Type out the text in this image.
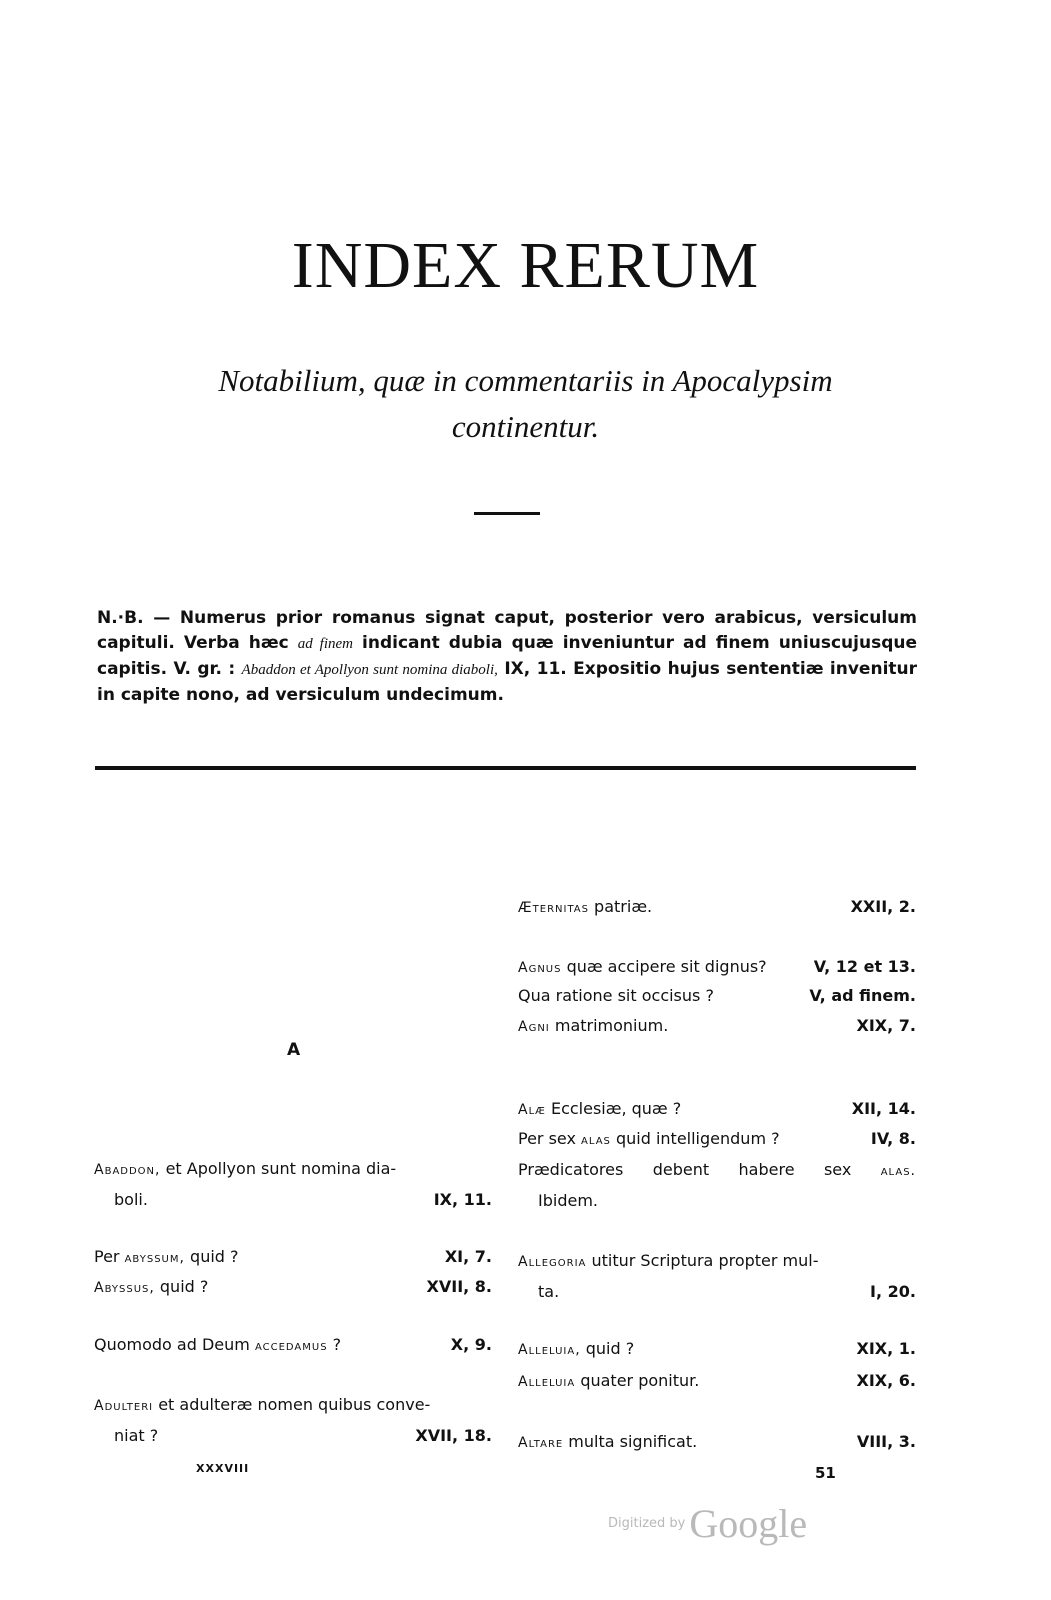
INDEX RERUM
Notabilium, quæ in commentariis in Apocalypsim
continentur.
N.·B. — Numerus prior romanus signat caput, posterior vero arabicus, versiculum capituli. Verba hæc ad finem indicant dubia quæ inveniuntur ad finem uniuscujusque capitis. V. gr. : Abaddon et Apollyon sunt nomina diaboli, IX, 11. Expositio hujus sententiæ invenitur in capite nono, ad versiculum undecimum.
A
Abaddon, et Apollyon sunt nomina dia-
boli.	IX, 11.
Per abyssum, quid ?	XI, 7.
Abyssus, quid ?	XVII, 8.
Quomodo ad Deum accedamus ?	X, 9.
Adulteri et adulteræ nomen quibus conve-
niat ?	XVII, 18.
Æternitas patriæ.	XXII, 2.
Agnus quæ accipere sit dignus?	V, 12 et 13.
Qua ratione sit occisus ?	V, ad finem.
Agni matrimonium.	XIX, 7.
Alæ Ecclesiæ, quæ ?	XII, 14.
Per sex alas quid intelligendum ?	IV, 8.
Prædicatores debent habere sex alas.
Ibidem.
Allegoria utitur Scriptura propter mul-
ta.	I, 20.
Alleluia, quid ?	XIX, 1.
Alleluia quater ponitur.	XIX, 6.
Altare multa significat.	VIII, 3.
XXXVIII	51
Digitized by Google
